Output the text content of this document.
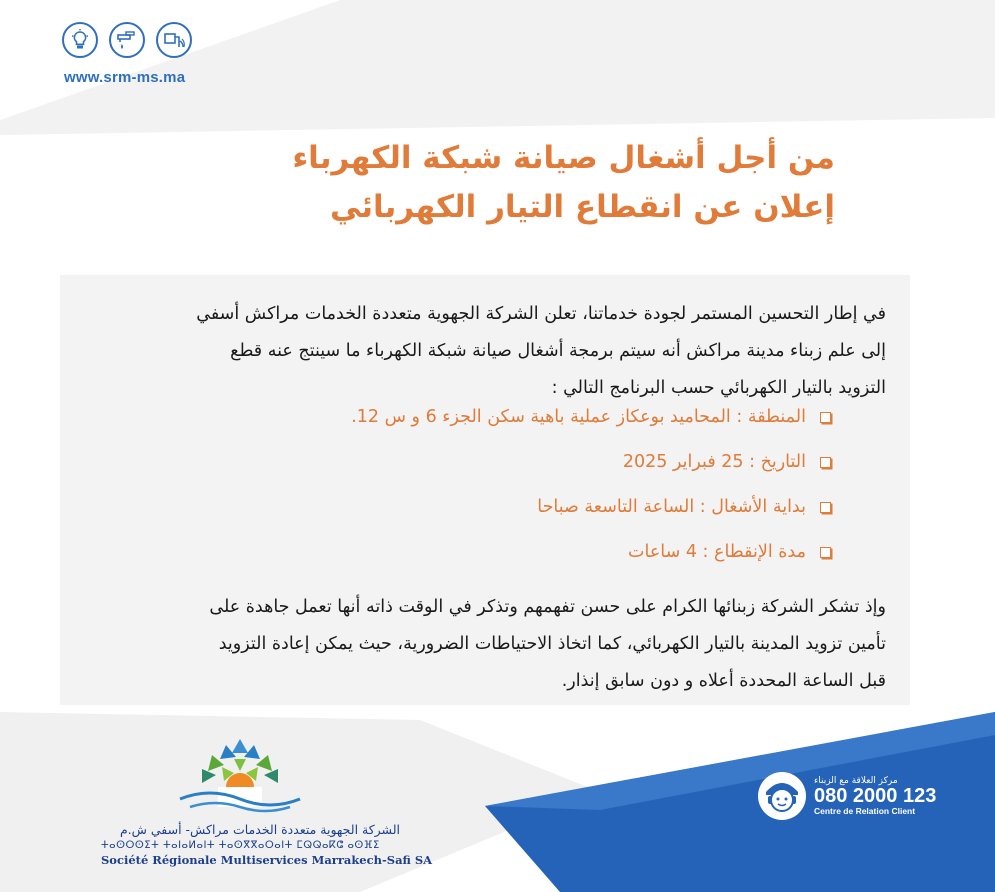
www.srm-ms.ma
من أجل أشغال صيانة شبكة الكهرباء
إعلان عن انقطاع التيار الكهربائي
في إطار التحسين المستمر لجودة خدماتنا، تعلن الشركة الجهوية متعددة الخدمات مراكش أسفي
إلى علم زبناء مدينة مراكش أنه سيتم برمجة أشغال صيانة شبكة الكهرباء ما سينتج عنه قطع
التزويد بالتيار الكهربائي حسب البرنامج التالي :
المنطقة : المحاميد بوعكاز عملية باهية سكن الجزء 6 و س 12.
التاريخ : 25 فبراير 2025
بداية الأشغال : الساعة التاسعة صباحا
مدة الإنقطاع : 4 ساعات
وإذ تشكر الشركة زبنائها الكرام على حسن تفهمهم وتذكر في الوقت ذاته أنها تعمل جاهدة على
تأمين تزويد المدينة بالتيار الكهربائي، كما اتخاذ الاحتياطات الضرورية، حيث يمكن إعادة التزويد
قبل الساعة المحددة أعلاه و دون سابق إنذار.
الشركة الجهوية متعددة الخدمات مراكش- أسفي ش.م
ⵜⴰⵙⵔⵙⵉⵜ ⵜⴰⵏⴰⵍⴰⵏⵜ ⵜⴰⵙⴳⴳⴰⵔⴰⵏⵜ ⵎⵕⵕⴰⴽⵛ ⴰⵙⴼⵉ
Société Régionale Multiservices Marrakech-Safi SA
مركز العلاقة مع الزبناء
080 2000 123
Centre de Relation Client
